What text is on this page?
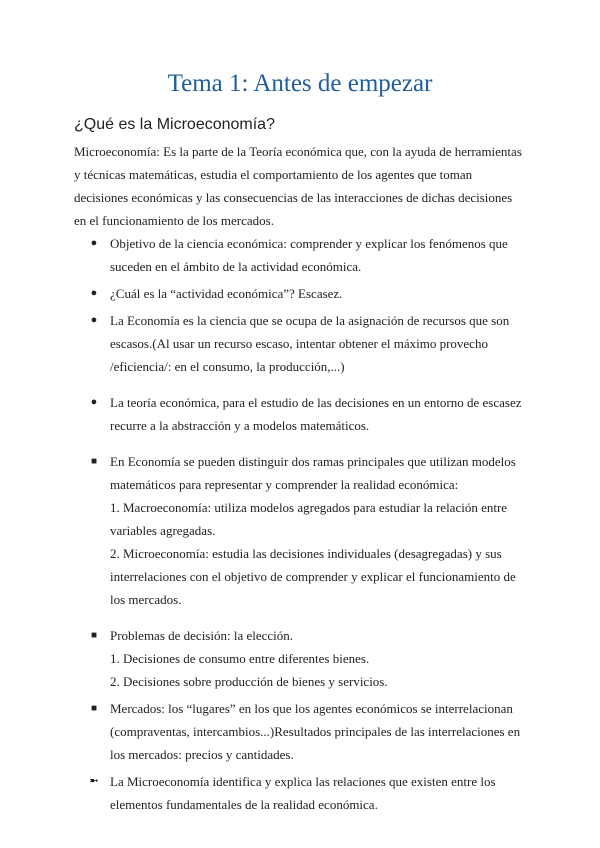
Tema 1: Antes de empezar
¿Qué es la Microeconomía?

Microeconomía: Es la parte de la Teoría económica que, con la ayuda de herramientas y técnicas matemáticas, estudia el comportamiento de los agentes que toman decisiones económicas y las consecuencias de las interacciones de dichas decisiones en el funcionamiento de los mercados.

● Objetivo de la ciencia económica: comprender y explicar los fenómenos que suceden en el ámbito de la actividad económica.
● ¿Cuál es la “actividad económica”? Escasez.
● La Economía es la ciencia que se ocupa de la asignación de recursos que son escasos.(Al usar un recurso escaso, intentar obtener el máximo provecho /eficiencia/: en el consumo, la producción,...)
● La teoría económica, para el estudio de las decisiones en un entorno de escasez recurre a la abstracción y a modelos matemáticos.
■ En Economía se pueden distinguir dos ramas principales que utilizan modelos matemáticos para representar y comprender la realidad económica:
1. Macroeconomía: utiliza modelos agregados para estudiar la relación entre variables agregadas.
2. Microeconomía: estudia las decisiones individuales (desagregadas) y sus interrelaciones con el objetivo de comprender y explicar el funcionamiento de los mercados.
■ Problemas de decisión: la elección.
1. Decisiones de consumo entre diferentes bienes.
2. Decisiones sobre producción de bienes y servicios.
■ Mercados: los “lugares” en los que los agentes económicos se interrelacionan (compraventas, intercambios...)Resultados principales de las interrelaciones en los mercados: precios y cantidades.
➼ La Microeconomía identifica y explica las relaciones que existen entre los elementos fundamentales de la realidad económica.
